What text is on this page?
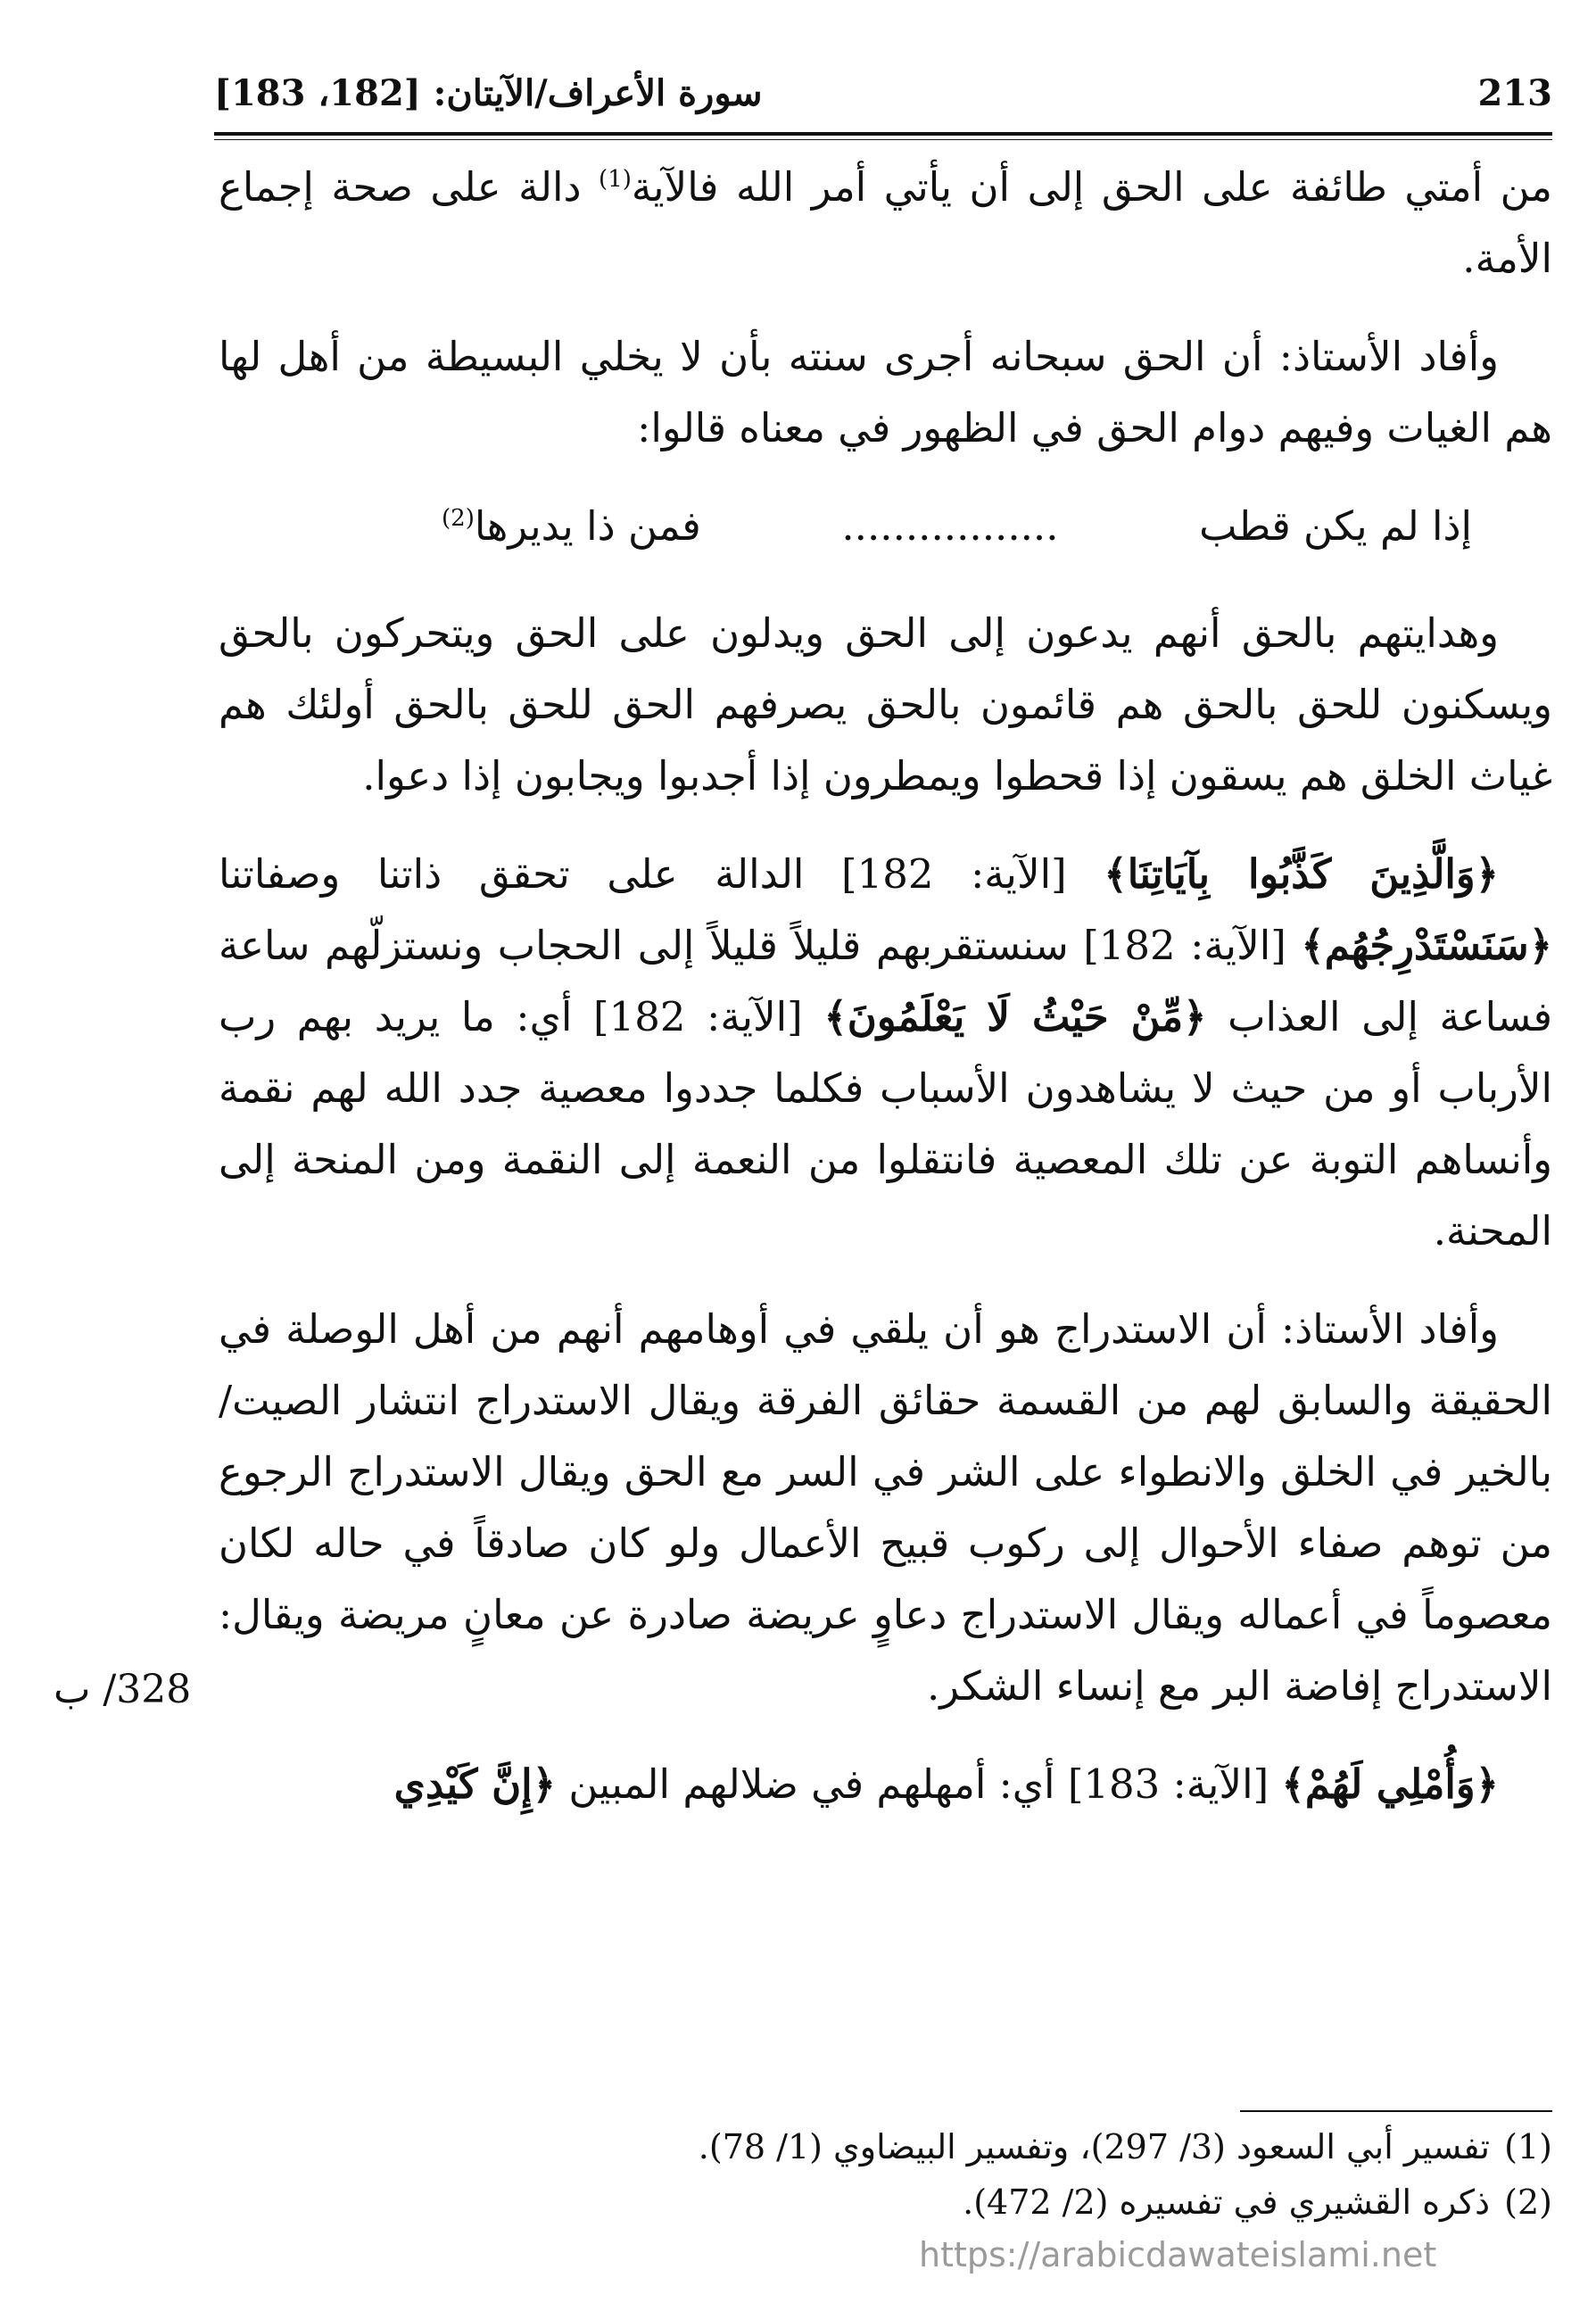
سورة الأعراف/الآيتان: [182، 183]	213

من أمتي طائفة على الحق إلى أن يأتي أمر الله فالآية$^{(1)}$ دالة على صحة إجماع الأمة.

وأفاد الأستاذ: أن الحق سبحانه أجرى سنته بأن لا يخلي البسيطة من أهل لها هم الغيات وفيهم دوام الحق في الظهور في معناه قالوا:

إذا لم يكن قطب
.................
فمن ذا يديرها$^{(2)}$

وهدايتهم بالحق أنهم يدعون إلى الحق ويدلون على الحق ويتحركون بالحق ويسكنون للحق بالحق هم قائمون بالحق يصرفهم الحق للحق بالحق أولئك هم غياث الخلق هم يسقون إذا قحطوا ويمطرون إذا أجدبوا ويجابون إذا دعوا.

﴿وَالَّذِينَ كَذَّبُوا بِآيَاتِنَا﴾ [الآية: 182] الدالة على تحقق ذاتنا وصفاتنا ﴿سَنَسْتَدْرِجُهُم﴾ [الآية: 182] سنستقربهم قليلاً قليلاً إلى الحجاب ونستزلّهم ساعة فساعة إلى العذاب ﴿مِّنْ حَيْثُ لَا يَعْلَمُونَ﴾ [الآية: 182] أي: ما يريد بهم رب الأرباب أو من حيث لا يشاهدون الأسباب فكلما جددوا معصية جدد الله لهم نقمة وأنساهم التوبة عن تلك المعصية فانتقلوا من النعمة إلى النقمة ومن المنحة إلى المحنة.

وأفاد الأستاذ: أن الاستدراج هو أن يلقي في أوهامهم أنهم من أهل الوصلة في الحقيقة والسابق لهم من القسمة حقائق الفرقة ويقال الاستدراج انتشار الصيت/بالخير في الخلق والانطواء على الشر في السر مع الحق ويقال الاستدراج الرجوع من توهم صفاء الأحوال إلى ركوب قبيح الأعمال ولو كان صادقاً في حاله لكان معصوماً في أعماله ويقال الاستدراج دعاوٍ عريضة صادرة عن معانٍ مريضة ويقال: الاستدراج إفاضة البر مع إنساء الشكر.

﴿وَأُمْلِي لَهُمْ﴾ [الآية: 183] أي: أمهلهم في ضلالهم المبين ﴿إِنَّ كَيْدِي

328/ ب

(1)تفسير أبي السعود (3/ 297)، وتفسير البيضاوي (1/ 78).

(2)ذكره القشيري في تفسيره (2/ 472).

https://arabicdawateislami.net
